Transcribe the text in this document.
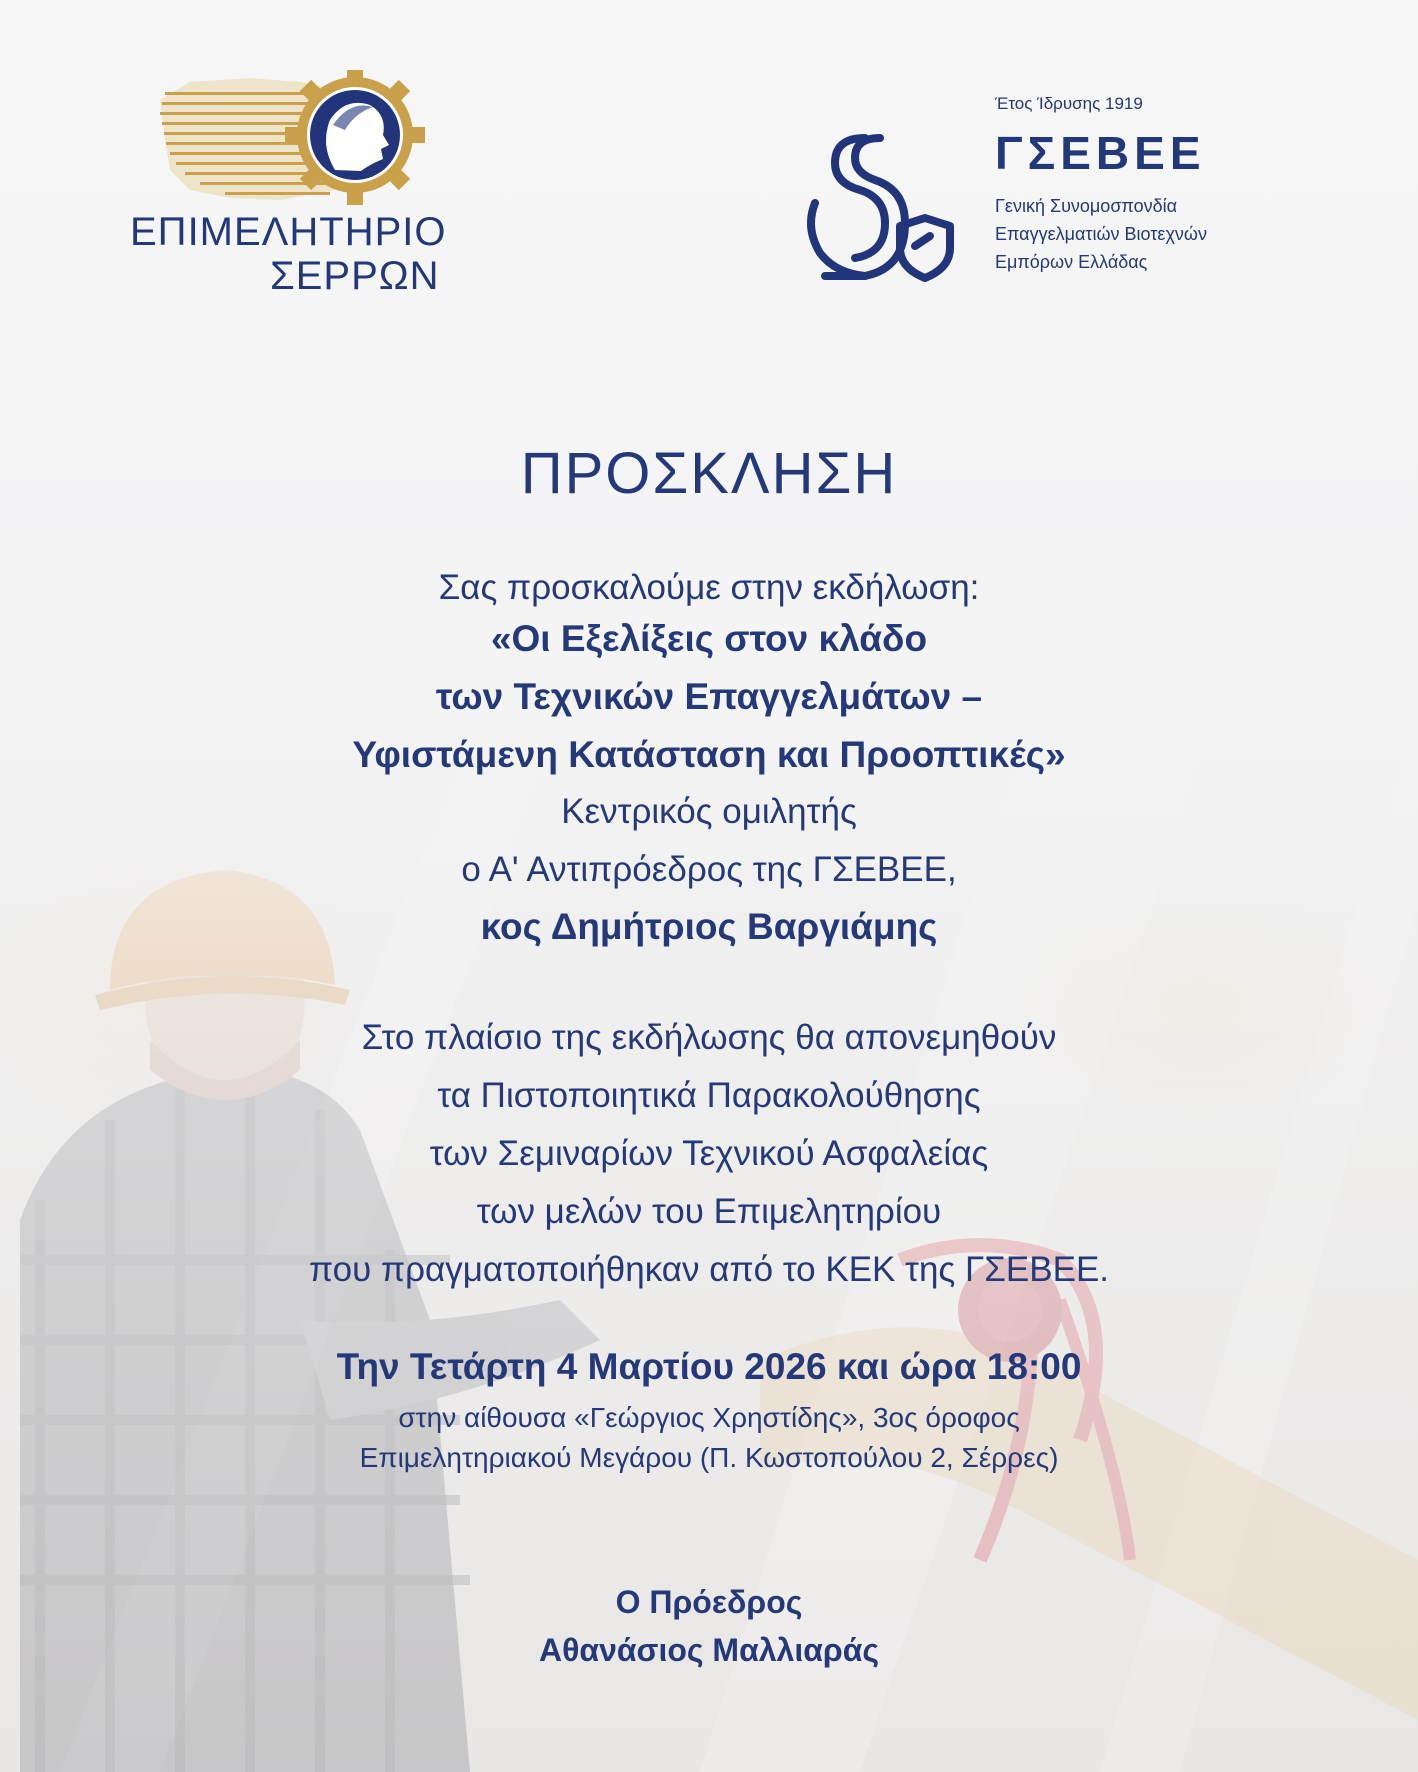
ΕΠΙΜΕΛΗΤΗΡΙΟ
ΣΕΡΡΩΝ
Έτος Ίδρυσης 1919
ΓΣΕΒΕΕ
Γενική Συνομοσπονδία
Επαγγελματιών Βιοτεχνών
Εμπόρων Ελλάδας
ΠΡΟΣΚΛΗΣΗ
Σας προσκαλούμε στην εκδήλωση:
«Οι Εξελίξεις στον κλάδο
των Τεχνικών Επαγγελμάτων –
Υφιστάμενη Κατάσταση και Προοπτικές»
Κεντρικός ομιλητής
ο Α' Αντιπρόεδρος της ΓΣΕΒΕΕ,
κος Δημήτριος Βαργιάμης
Στο πλαίσιο της εκδήλωσης θα απονεμηθούν
τα Πιστοποιητικά Παρακολούθησης
των Σεμιναρίων Τεχνικού Ασφαλείας
των μελών του Επιμελητηρίου
που πραγματοποιήθηκαν από το ΚΕΚ της ΓΣΕΒΕΕ.
Την Τετάρτη 4 Μαρτίου 2026 και ώρα 18:00
στην αίθουσα «Γεώργιος Χρηστίδης», 3ος όροφος
Επιμελητηριακού Μεγάρου (Π. Κωστοπούλου 2, Σέρρες)
Ο Πρόεδρος
Αθανάσιος Μαλλιαράς
